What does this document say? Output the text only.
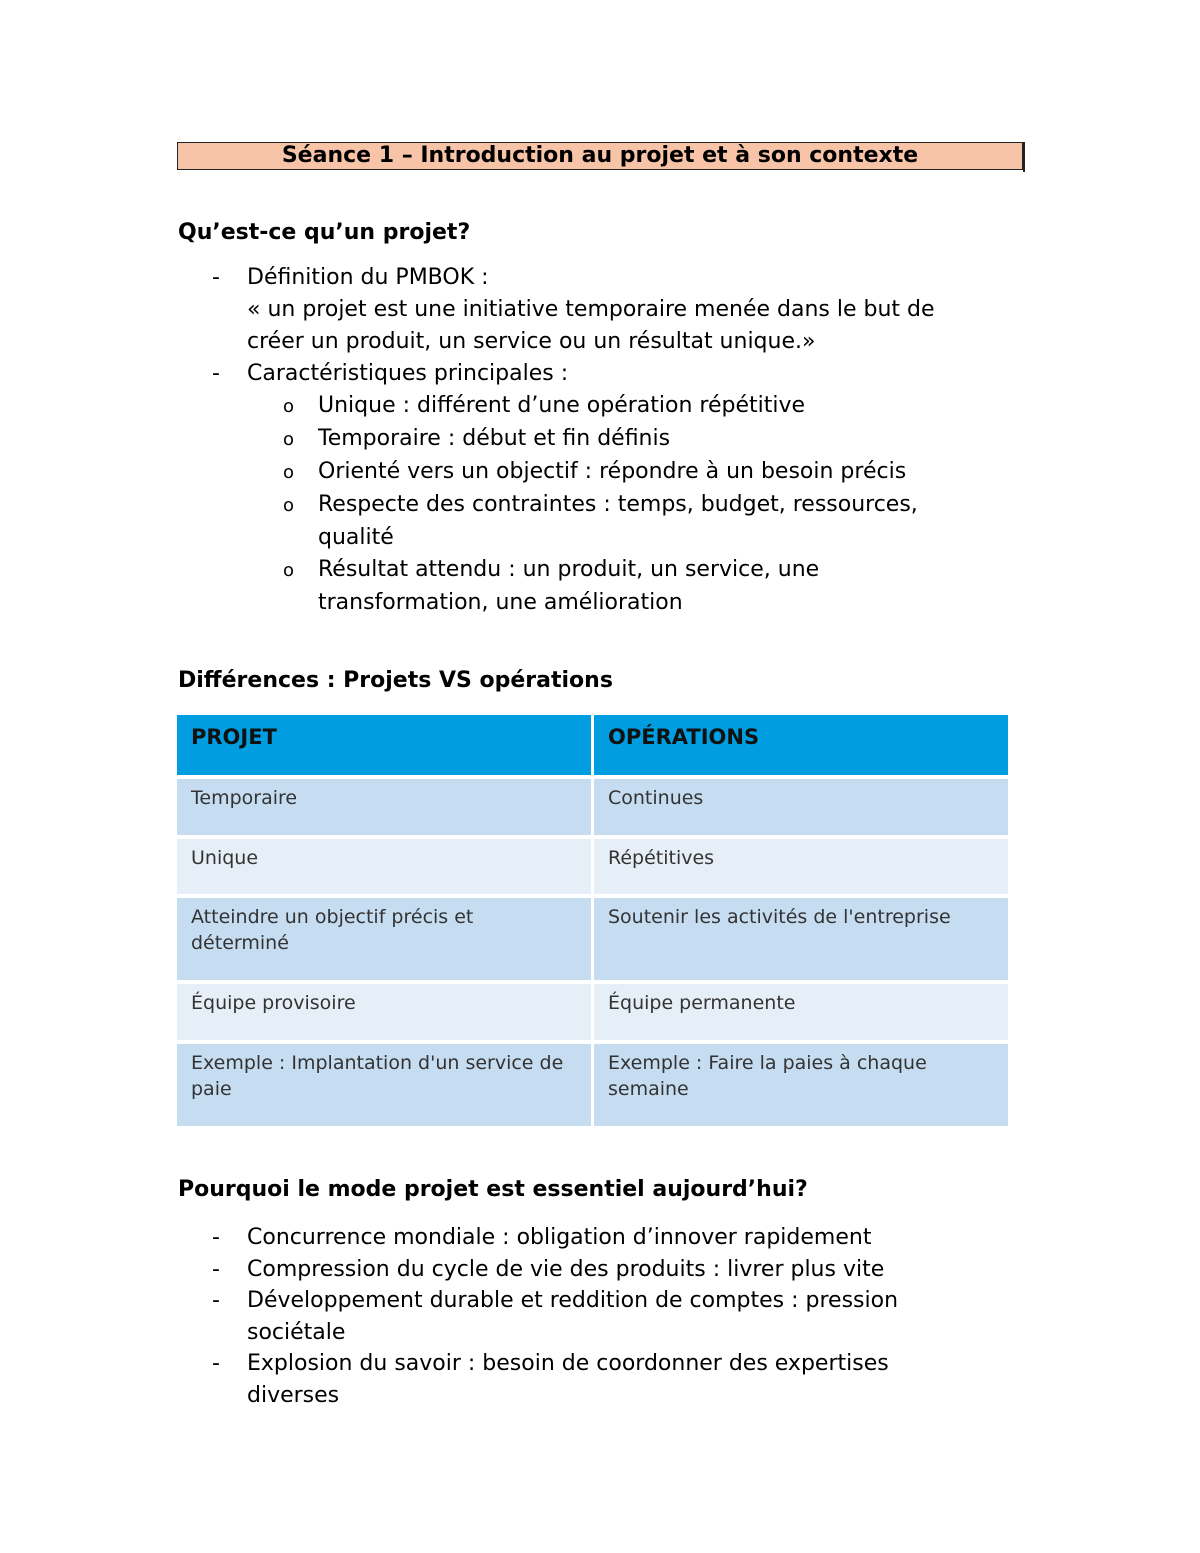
Séance 1 – Introduction au projet et à son contexte
Qu’est-ce qu’un projet?
- Définition du PMBOK :
« un projet est une initiative temporaire menée dans le but de
créer un produit, un service ou un résultat unique.»
- Caractéristiques principales :
o Unique : différent d’une opération répétitive
o Temporaire : début et fin définis
o Orienté vers un objectif : répondre à un besoin précis
o Respecte des contraintes : temps, budget, ressources,
qualité
o Résultat attendu : un produit, un service, une
transformation, une amélioration
Différences : Projets VS opérations
PROJET	OPÉRATIONS
Temporaire	Continues
Unique	Répétitives
Atteindre un objectif précis et déterminé	Soutenir les activités de l'entreprise
Équipe provisoire	Équipe permanente
Exemple : Implantation d'un service de paie	Exemple : Faire la paies à chaque semaine
Pourquoi le mode projet est essentiel aujourd’hui?
- Concurrence mondiale : obligation d’innover rapidement
- Compression du cycle de vie des produits : livrer plus vite
- Développement durable et reddition de comptes : pression
sociétale
- Explosion du savoir : besoin de coordonner des expertises
diverses
